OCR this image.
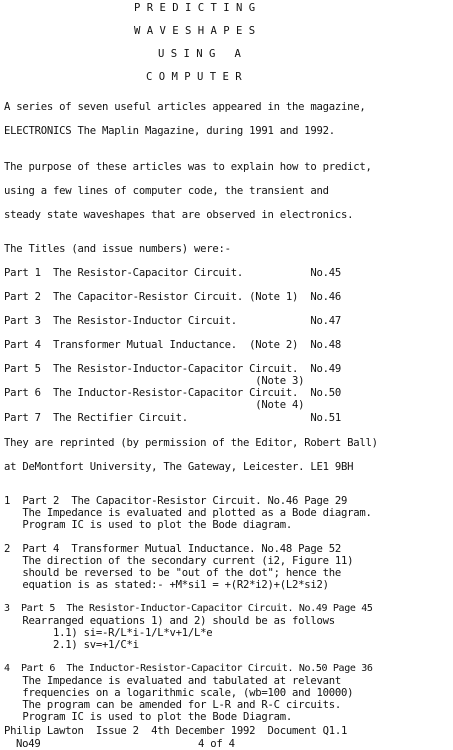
P R E D I C T I N G
W A V E S H A P E S
U S I N G   A
C O M P U T E R
A series of seven useful articles appeared in the magazine,
ELECTRONICS The Maplin Magazine, during 1991 and 1992.
The purpose of these articles was to explain how to predict,
using a few lines of computer code, the transient and
steady state waveshapes that are observed in electronics.
The Titles (and issue numbers) were:-
Part 1  The Resistor-Capacitor Circuit.           No.45
Part 2  The Capacitor-Resistor Circuit. (Note 1)  No.46
Part 3  The Resistor-Inductor Circuit.            No.47
Part 4  Transformer Mutual Inductance.  (Note 2)  No.48
Part 5  The Resistor-Inductor-Capacitor Circuit.  No.49
(Note 3)
Part 6  The Inductor-Resistor-Capacitor Circuit.  No.50
(Note 4)
Part 7  The Rectifier Circuit.                    No.51
They are reprinted (by permission of the Editor, Robert Ball)
at DeMontfort University, The Gateway, Leicester. LE1 9BH
1  Part 2  The Capacitor-Resistor Circuit. No.46 Page 29
The Impedance is evaluated and plotted as a Bode diagram.
Program IC is used to plot the Bode diagram.
2  Part 4  Transformer Mutual Inductance. No.48 Page 52
The direction of the secondary current (i2, Figure 11)
should be reversed to be "out of the dot"; hence the
equation is as stated:- +M*si1 = +(R2*i2)+(L2*si2)
3  Part 5  The Resistor-Inductor-Capacitor Circuit. No.49 Page 45
Rearranged equations 1) and 2) should be as follows
1.1) si=-R/L*i-1/L*v+1/L*e
2.1) sv=+1/C*i
4  Part 6  The Inductor-Resistor-Capacitor Circuit. No.50 Page 36
The Impedance is evaluated and tabulated at relevant
frequencies on a logarithmic scale, (wb=100 and 10000)
The program can be amended for L-R and R-C circuits.
Program IC is used to plot the Bode Diagram.
Philip Lawton  Issue 2  4th December 1992  Document Q1.1
No49	4 of 4
